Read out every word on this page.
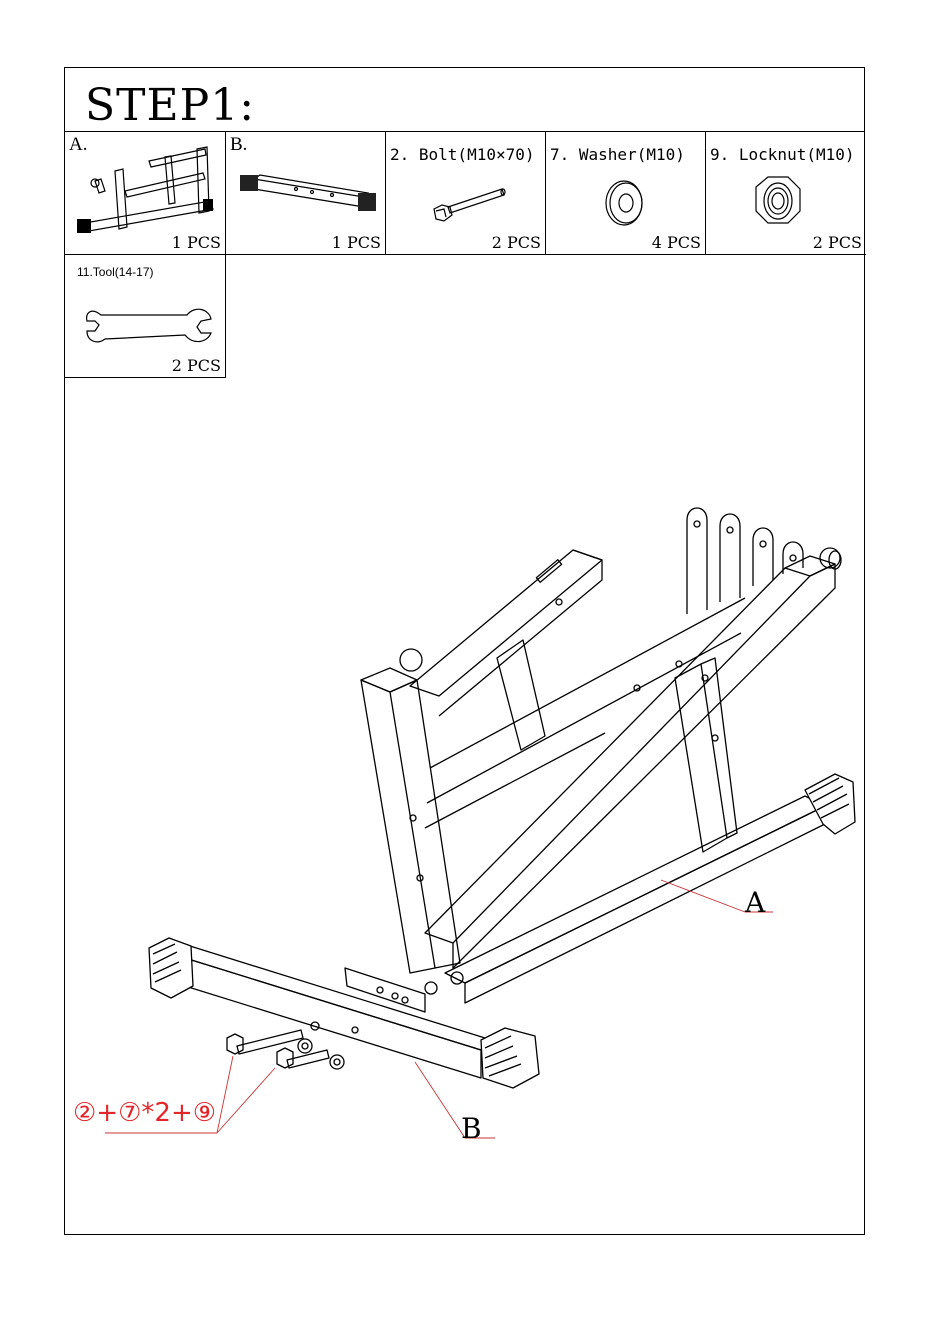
STEP1:
A.
1 PCS
B.
1 PCS
2. Bolt(M10×70)
2 PCS
7. Washer(M10)
4 PCS
9. Locknut(M10)
2 PCS
11.Tool(14-17)
2 PCS
A
B
②+⑦*2+⑨
